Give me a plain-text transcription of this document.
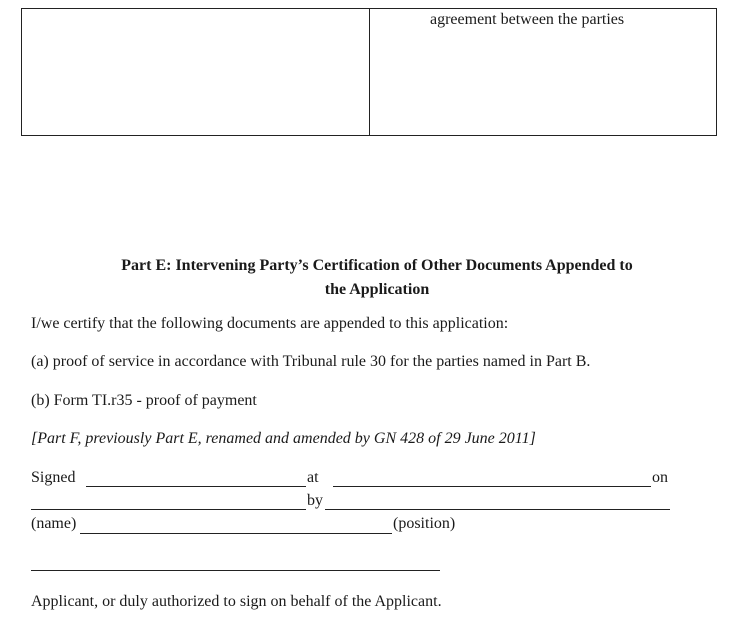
agreement between the parties
Part E: Intervening Party’s Certification of Other Documents Appended to
the Application
I/we certify that the following documents are appended to this application:
(a) proof of service in accordance with Tribunal rule 30 for the parties named in Part B.
(b) Form TI.r35 - proof of payment
[Part F, previously Part E, renamed and amended by GN 428 of 29 June 2011]
Signed	at	on
by
(name)	(position)
Applicant, or duly authorized to sign on behalf of the Applicant.
